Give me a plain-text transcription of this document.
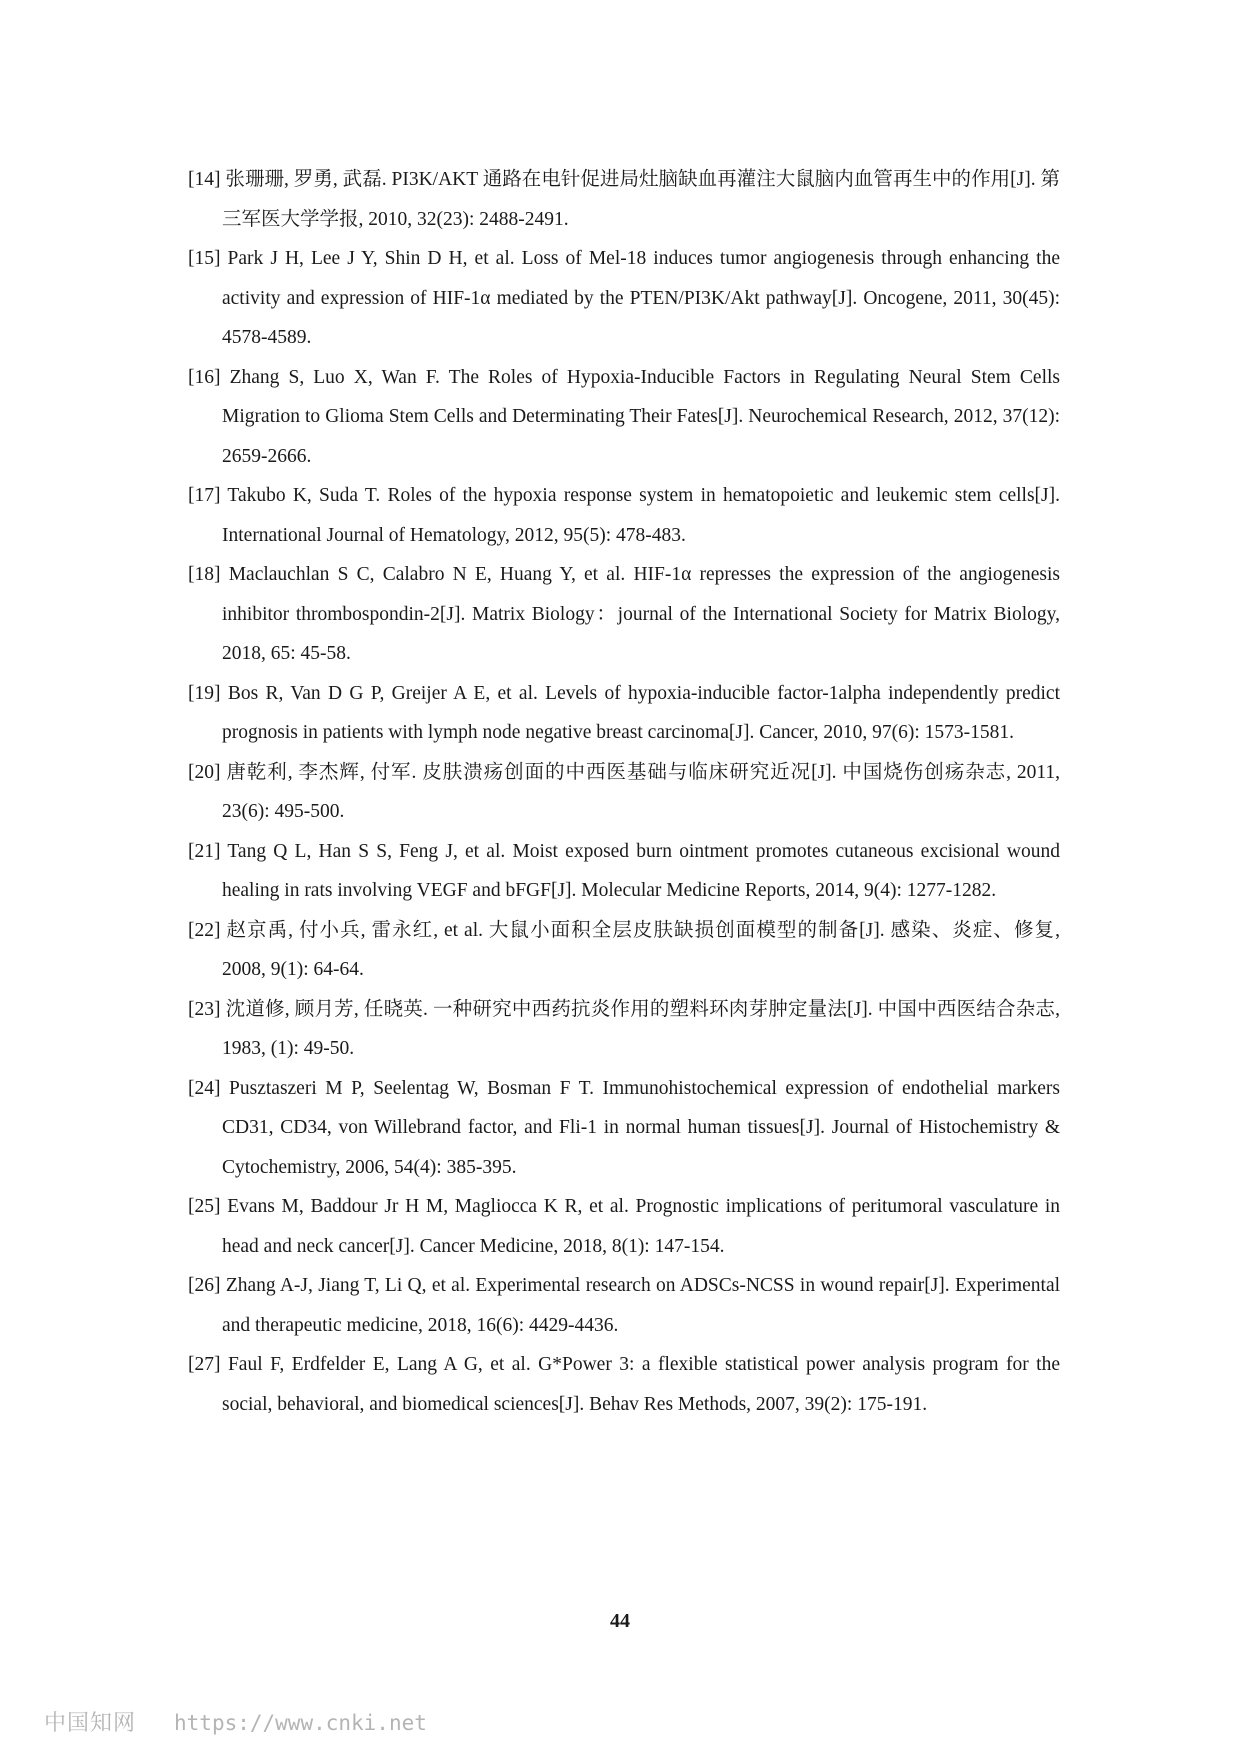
[14] 张珊珊, 罗勇, 武磊. PI3K/AKT 通路在电针促进局灶脑缺血再灌注大鼠脑内血管再生中的作用[J]. 第三军医大学学报, 2010, 32(23): 2488-2491.
[15] Park J H, Lee J Y, Shin D H, et al. Loss of Mel-18 induces tumor angiogenesis through enhancing the activity and expression of HIF-1α mediated by the PTEN/PI3K/Akt pathway[J]. Oncogene, 2011, 30(45): 4578-4589.
[16] Zhang S, Luo X, Wan F. The Roles of Hypoxia-Inducible Factors in Regulating Neural Stem Cells Migration to Glioma Stem Cells and Determinating Their Fates[J]. Neurochemical Research, 2012, 37(12): 2659-2666.
[17] Takubo K, Suda T. Roles of the hypoxia response system in hematopoietic and leukemic stem cells[J]. International Journal of Hematology, 2012, 95(5): 478-483.
[18] Maclauchlan S C, Calabro N E, Huang Y, et al. HIF-1α represses the expression of the angiogenesis inhibitor thrombospondin-2[J]. Matrix Biology：journal of the International Society for Matrix Biology, 2018, 65: 45-58.
[19] Bos R, Van D G P, Greijer A E, et al. Levels of hypoxia-inducible factor-1alpha independently predict prognosis in patients with lymph node negative breast carcinoma[J]. Cancer, 2010, 97(6): 1573-1581.
[20] 唐乾利, 李杰辉, 付军. 皮肤溃疡创面的中西医基础与临床研究近况[J]. 中国烧伤创疡杂志, 2011, 23(6): 495-500.
[21] Tang Q L, Han S S, Feng J, et al. Moist exposed burn ointment promotes cutaneous excisional wound healing in rats involving VEGF and bFGF[J]. Molecular Medicine Reports, 2014, 9(4): 1277-1282.
[22] 赵京禹, 付小兵, 雷永红, et al. 大鼠小面积全层皮肤缺损创面模型的制备[J]. 感染、炎症、修复, 2008, 9(1): 64-64.
[23] 沈道修, 顾月芳, 任晓英. 一种研究中西药抗炎作用的塑料环肉芽肿定量法[J]. 中国中西医结合杂志, 1983, (1): 49-50.
[24] Pusztaszeri M P, Seelentag W, Bosman F T. Immunohistochemical expression of endothelial markers CD31, CD34, von Willebrand factor, and Fli-1 in normal human tissues[J]. Journal of Histochemistry & Cytochemistry, 2006, 54(4): 385-395.
[25] Evans M, Baddour Jr H M, Magliocca K R, et al. Prognostic implications of peritumoral vasculature in head and neck cancer[J]. Cancer Medicine, 2018, 8(1): 147-154.
[26] Zhang A-J, Jiang T, Li Q, et al. Experimental research on ADSCs-NCSS in wound repair[J]. Experimental and therapeutic medicine, 2018, 16(6): 4429-4436.
[27] Faul F, Erdfelder E, Lang A G, et al. G*Power 3: a flexible statistical power analysis program for the social, behavioral, and biomedical sciences[J]. Behav Res Methods, 2007, 39(2): 175-191.
44
中国知网 https://www.cnki.net
